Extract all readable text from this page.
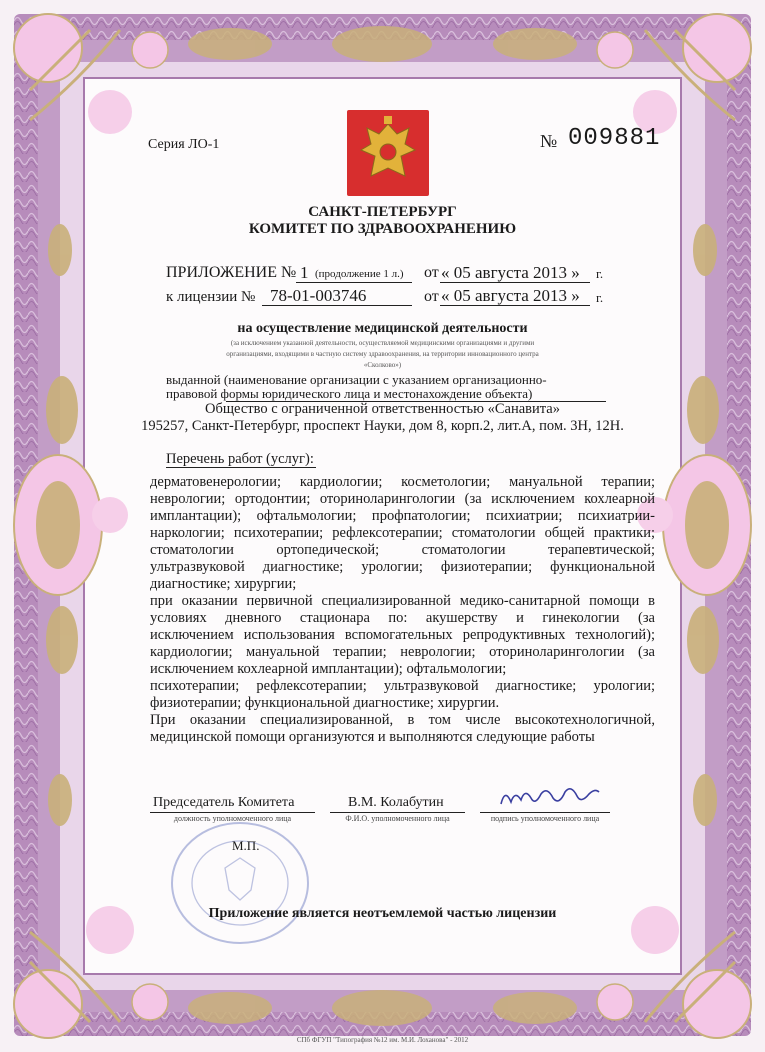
Серия ЛО-1	№ 009881
САНКТ-ПЕТЕРБУРГ
КОМИТЕТ ПО ЗДРАВООХРАНЕНИЮ
ПРИЛОЖЕНИЕ № 1 (продолжение 1 л.) от « 05 августа 2013 » г.
к лицензии № 78-01-003746	от « 05 августа 2013 » г.
на осуществление медицинской деятельности
(за исключением указанной деятельности, осуществляемой медицинскими организациями и другими
организациями, входящими в частную систему здравоохранения, на территории инновационного центра
«Сколково»)
выданной (наименование организации с указанием организационно-
правовой формы юридического лица и местонахождение объекта)
Общество с ограниченной ответственностью «Санавита»
195257, Санкт-Петербург, проспект Науки, дом 8, корп.2, лит.А, пом. 3Н, 12Н.
Перечень работ (услуг):
дерматовенерологии; кардиологии; косметологии; мануальной терапии;
неврологии; ортодонтии; оториноларингологии (за исключением кохлеарной
имплантации); офтальмологии; профпатологии; психиатрии; психиатрии-
наркологии; психотерапии; рефлексотерапии; стоматологии общей практики;
стоматологии ортопедической; стоматологии терапевтической;
ультразвуковой диагностике; урологии; физиотерапии; функциональной
диагностике; хирургии;
при оказании первичной специализированной медико-санитарной помощи в
условиях дневного стационара по: акушерству и гинекологии (за
исключением использования вспомогательных репродуктивных технологий);
кардиологии; мануальной терапии; неврологии; оториноларингологии (за
исключением кохлеарной имплантации); офтальмологии;
психотерапии; рефлексотерапии; ультразвуковой диагностике; урологии;
физиотерапии; функциональной диагностике; хирургии.
При оказании специализированной, в том числе высокотехнологичной,
медицинской помощи организуются и выполняются следующие работы
Председатель Комитета
должность уполномоченного лица
В.М. Колабутин
Ф.И.О. уполномоченного лица	подпись уполномоченного лица
М.П.
Приложение является неотъемлемой частью лицензии
СПб ФГУП "Типография №12 им. М.И. Лоханова" - 2012
